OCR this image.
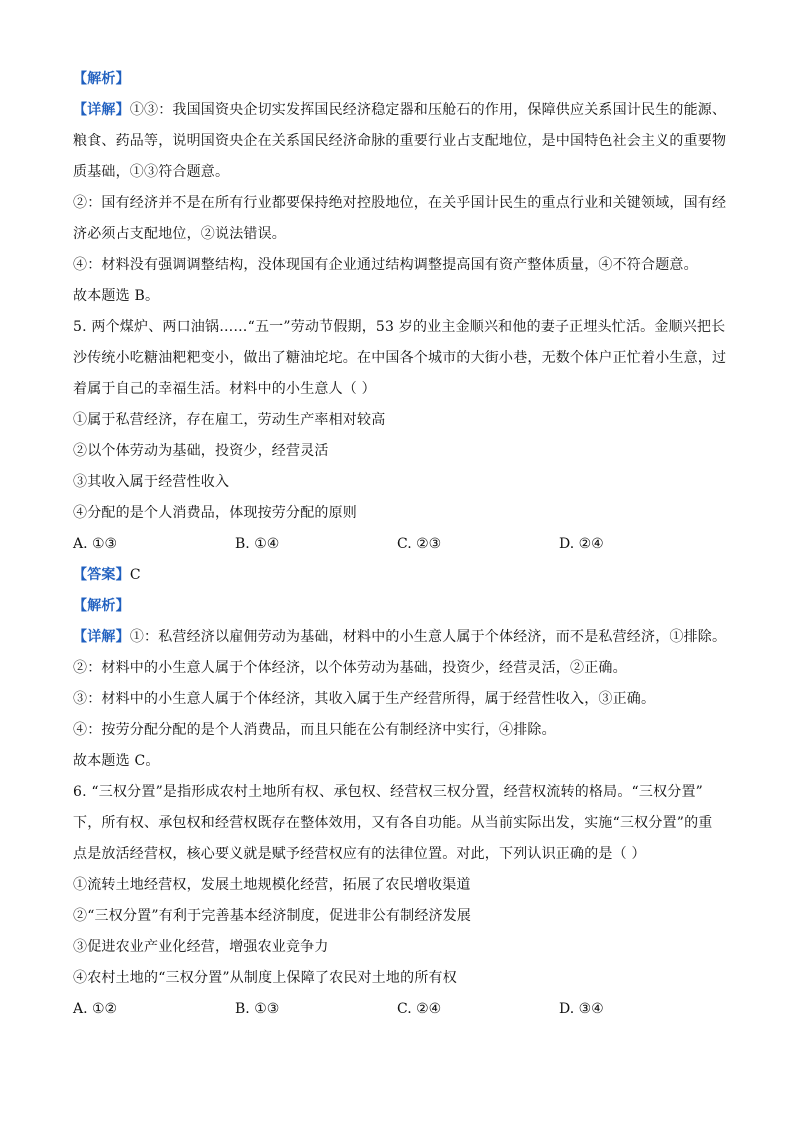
【解析】
【详解】①③：我国国资央企切实发挥国民经济稳定器和压舱石的作用，保障供应关系国计民生的能源、
粮食、药品等，说明国资央企在关系国民经济命脉的重要行业占支配地位，是中国特色社会主义的重要物
质基础，①③符合题意。
②：国有经济并不是在所有行业都要保持绝对控股地位，在关乎国计民生的重点行业和关键领域，国有经
济必须占支配地位，②说法错误。
④：材料没有强调调整结构，没体现国有企业通过结构调整提高国有资产整体质量，④不符合题意。
故本题选 B。
5. 两个煤炉、两口油锅……“五一”劳动节假期，53 岁的业主金顺兴和他的妻子正埋头忙活。金顺兴把长
沙传统小吃糖油粑粑变小，做出了糖油坨坨。在中国各个城市的大街小巷，无数个体户正忙着小生意，过
着属于自己的幸福生活。材料中的小生意人（ ）
①属于私营经济，存在雇工，劳动生产率相对较高
②以个体劳动为基础，投资少，经营灵活
③其收入属于经营性收入
④分配的是个人消费品，体现按劳分配的原则
A. ①③	B. ①④	C. ②③	D. ②④
【答案】C
【解析】
【详解】①：私营经济以雇佣劳动为基础，材料中的小生意人属于个体经济，而不是私营经济，①排除。
②：材料中的小生意人属于个体经济，以个体劳动为基础，投资少，经营灵活，②正确。
③：材料中的小生意人属于个体经济，其收入属于生产经营所得，属于经营性收入，③正确。
④：按劳分配分配的是个人消费品，而且只能在公有制经济中实行，④排除。
故本题选 C。
6. “三权分置”是指形成农村土地所有权、承包权、经营权三权分置，经营权流转的格局。“三权分置”
下，所有权、承包权和经营权既存在整体效用，又有各自功能。从当前实际出发，实施“三权分置”的重
点是放活经营权，核心要义就是赋予经营权应有的法律位置。对此，下列认识正确的是（ ）
①流转土地经营权，发展土地规模化经营，拓展了农民增收渠道
②“三权分置”有利于完善基本经济制度，促进非公有制经济发展
③促进农业产业化经营，增强农业竞争力
④农村土地的“三权分置”从制度上保障了农民对土地的所有权
A. ①②	B. ①③	C. ②④	D. ③④
